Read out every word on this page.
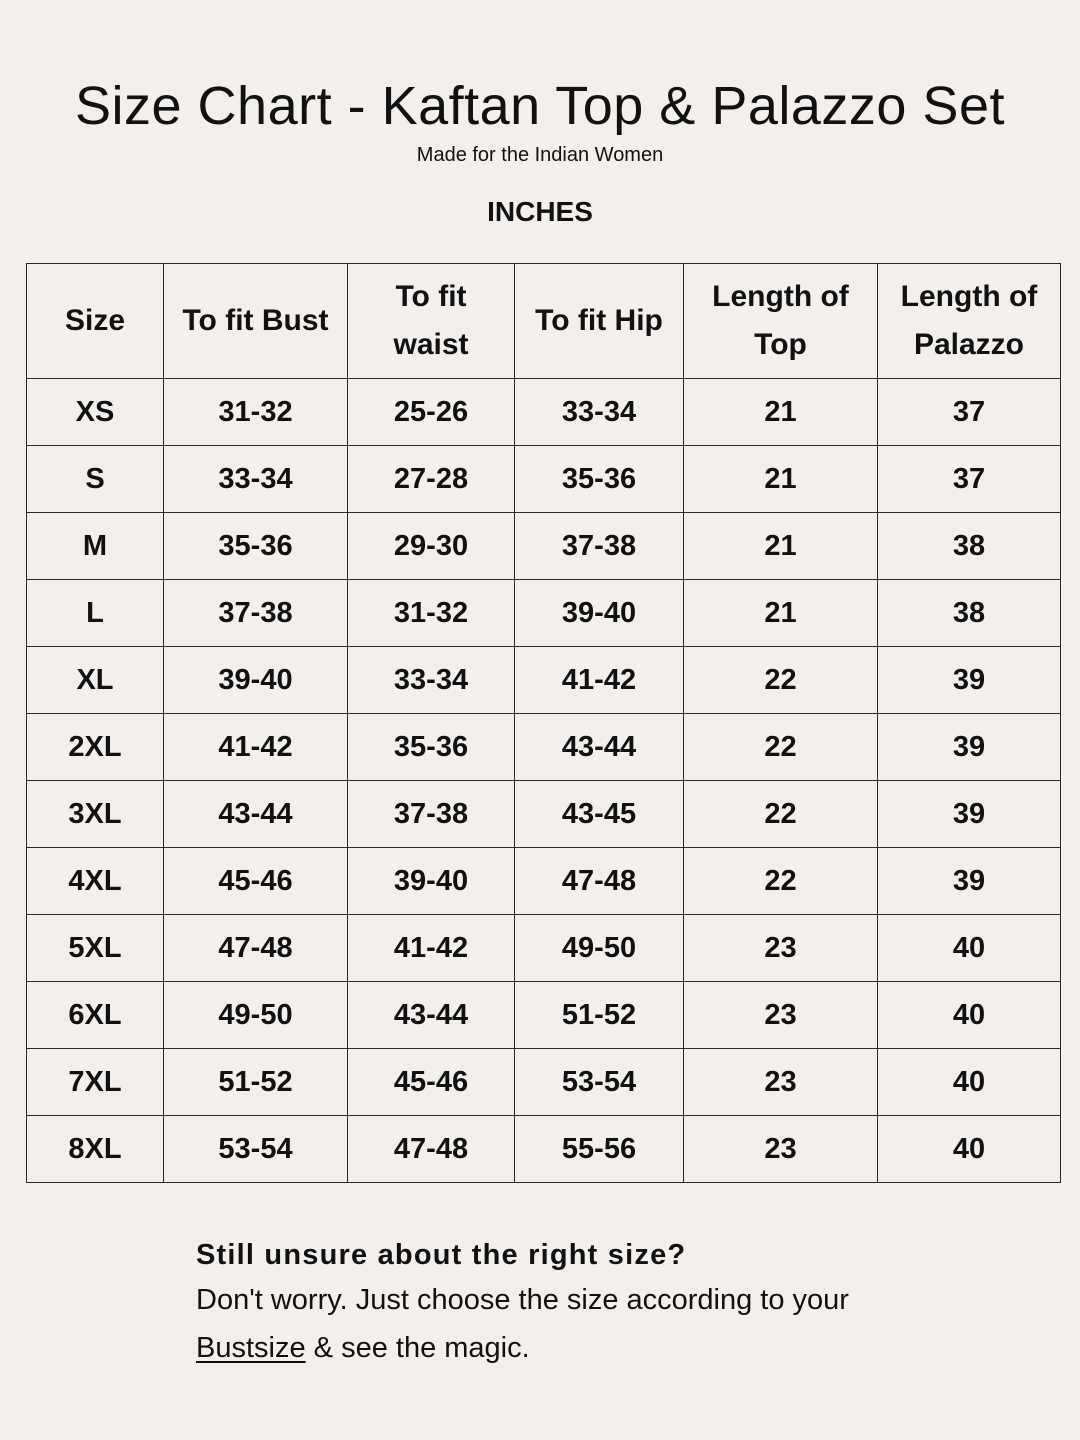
Size Chart - Kaftan Top & Palazzo Set
Made for the Indian Women
INCHES
Size	To fit Bust	To fit waist	To fit Hip	Length of Top	Length of Palazzo

XS	31-32	25-26	33-34	21	37
S	33-34	27-28	35-36	21	37
M	35-36	29-30	37-38	21	38
L	37-38	31-32	39-40	21	38
XL	39-40	33-34	41-42	22	39
2XL	41-42	35-36	43-44	22	39
3XL	43-44	37-38	43-45	22	39
4XL	45-46	39-40	47-48	22	39
5XL	47-48	41-42	49-50	23	40
6XL	49-50	43-44	51-52	23	40
7XL	51-52	45-46	53-54	23	40
8XL	53-54	47-48	55-56	23	40
Still unsure about the right size?
Don't worry. Just choose the size according to your
Bustsize & see the magic.
